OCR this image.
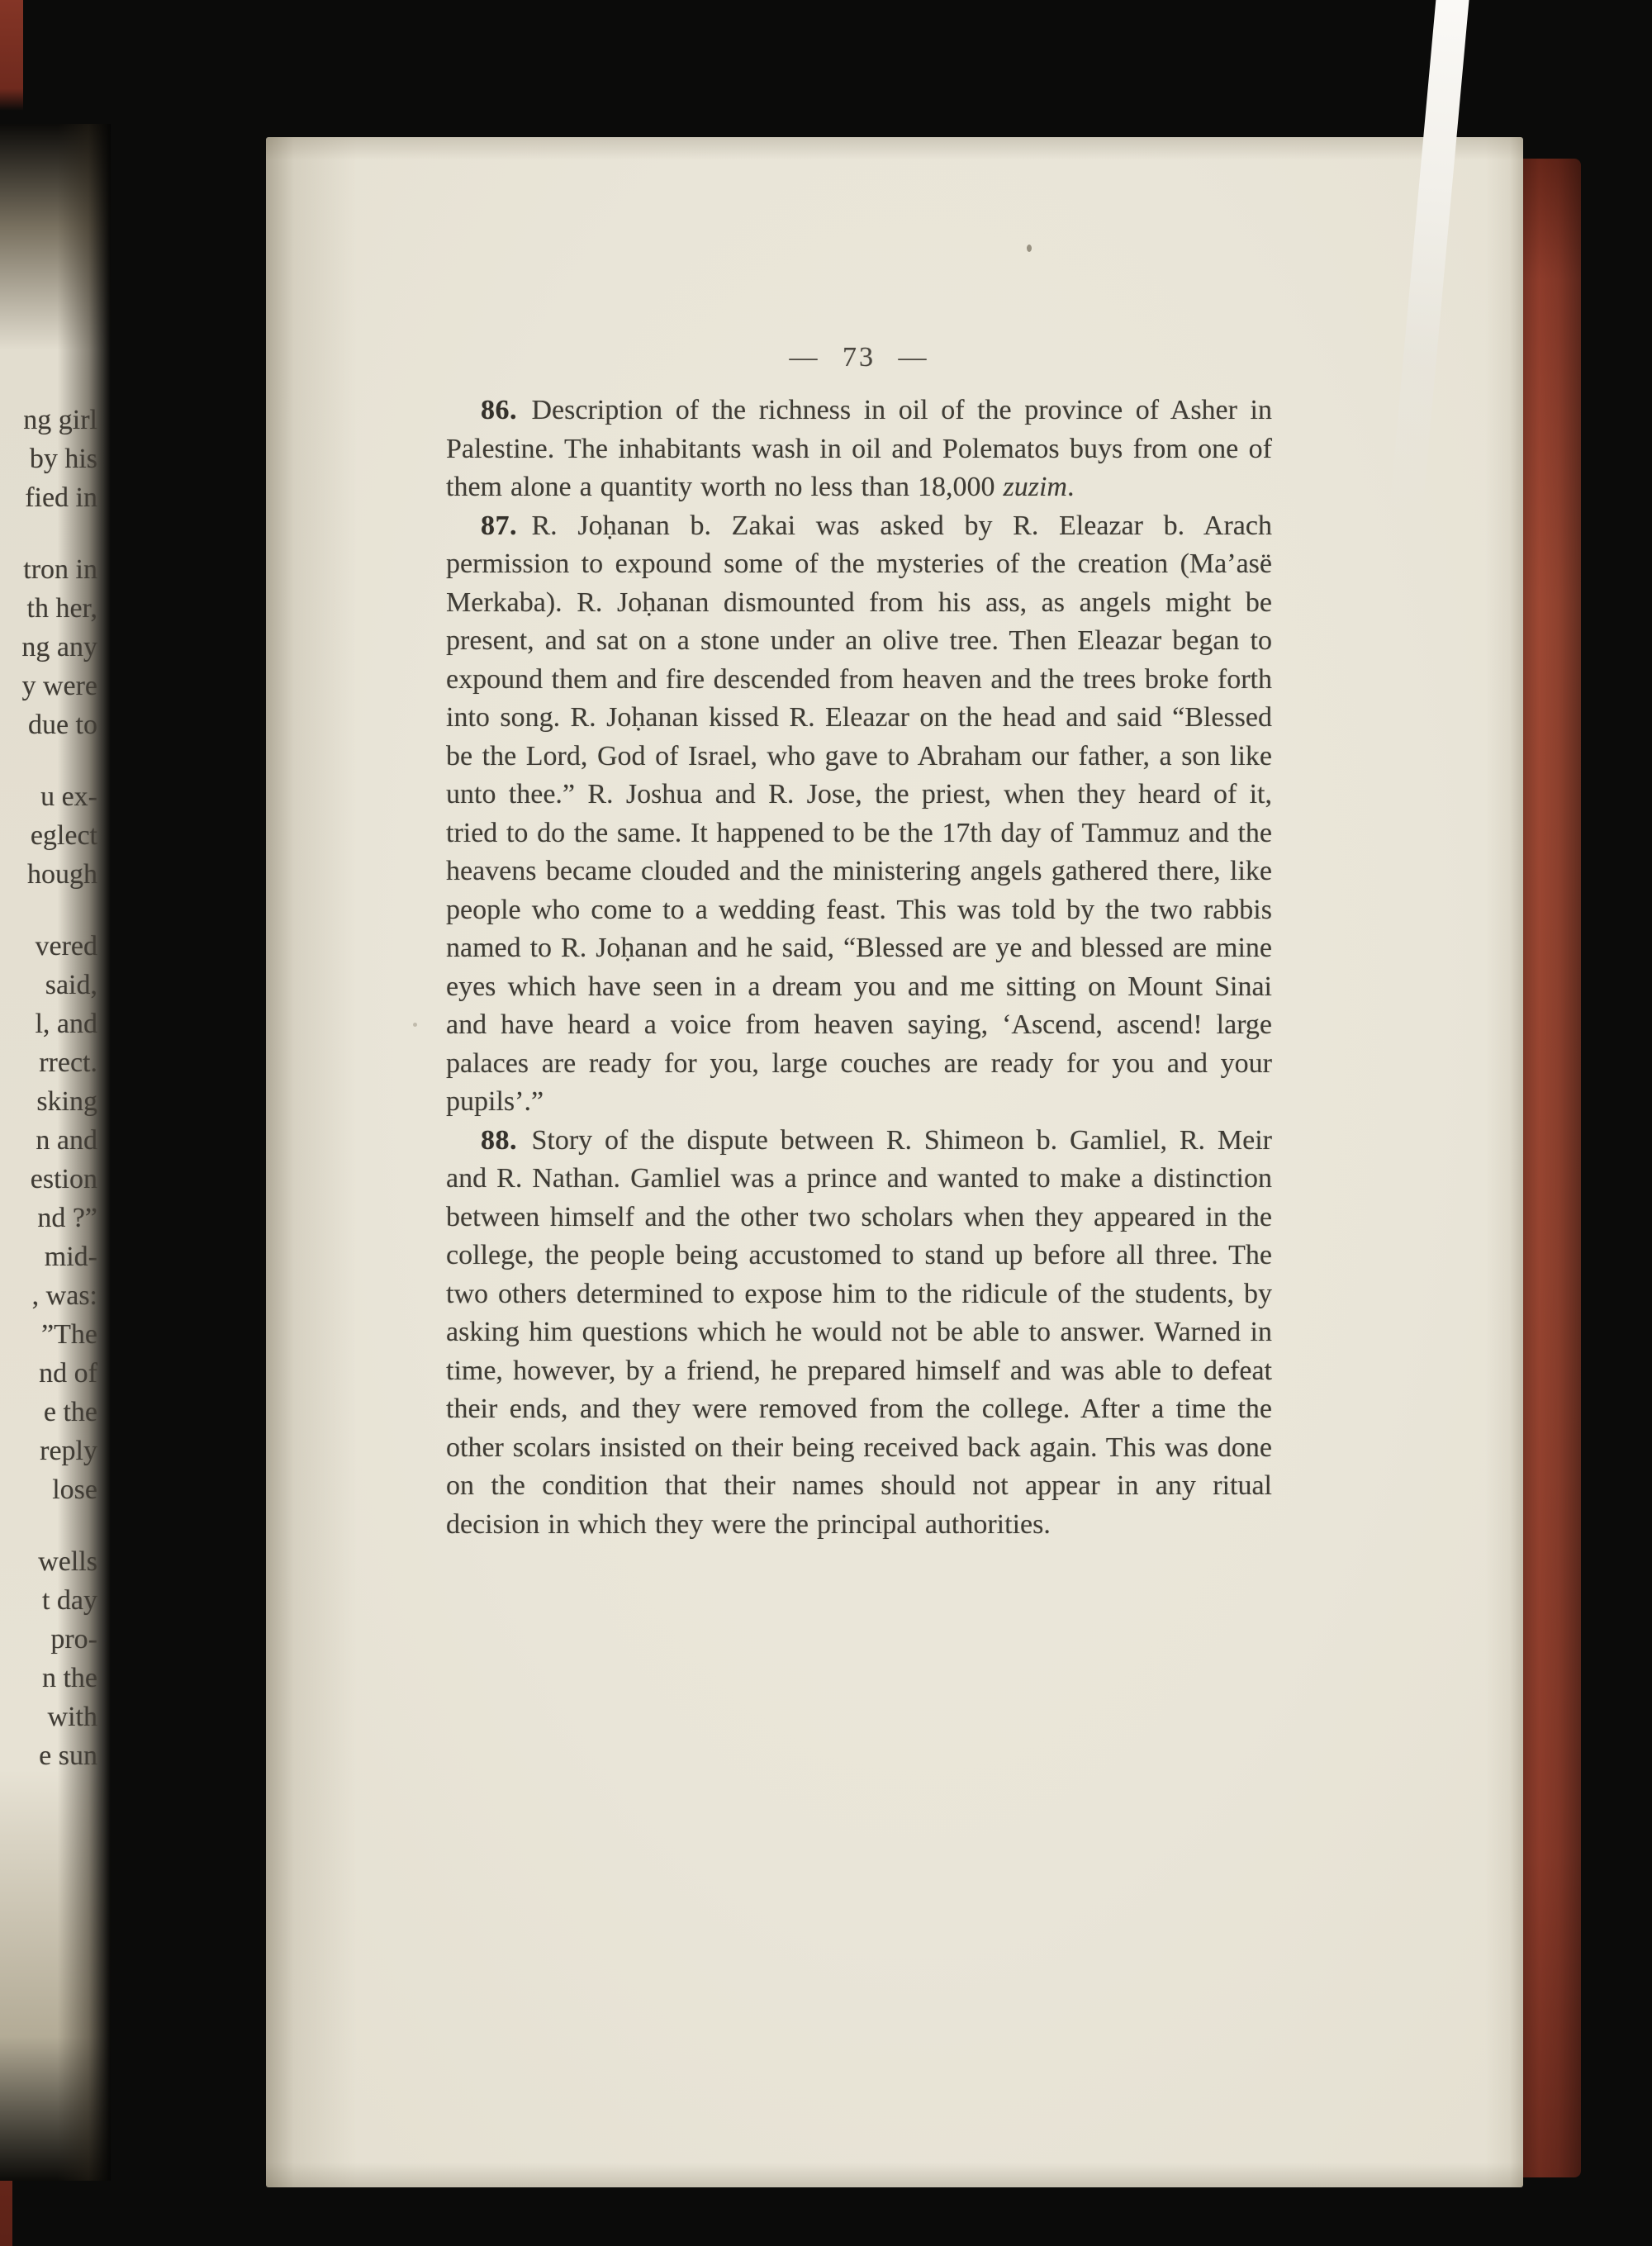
ng girl
by his
fied in
tron in
th her,
ng any
y were
due to
u ex-
eglect
hough
vered
said,
l, and
rrect.
sking
n and
estion
nd ?”
mid-
, was:
”The
nd of
e the
reply
lose
wells
t day
pro-
n the
with
e sun
— 73 —

86. Description of the richness in oil of the province of Asher in Palestine. The inhabitants wash in oil and Polematos buys from one of them alone a quantity worth no less than 18,000 zuzim.

87. R. Joḥanan b. Zakai was asked by R. Eleazar b. Arach permission to expound some of the mysteries of the creation (Ma’asë Merkaba). R. Joḥanan dismounted from his ass, as angels might be present, and sat on a stone under an olive tree. Then Eleazar began to expound them and fire descended from heaven and the trees broke forth into song. R. Joḥanan kissed R. Eleazar on the head and said “Blessed be the Lord, God of Israel, who gave to Abraham our father, a son like unto thee.” R. Joshua and R. Jose, the priest, when they heard of it, tried to do the same. It happened to be the 17th day of Tammuz and the heavens became clouded and the ministering angels gathered there, like people who come to a wedding feast. This was told by the two rabbis named to R. Joḥanan and he said, “Blessed are ye and blessed are mine eyes which have seen in a dream you and me sitting on Mount Sinai and have heard a voice from heaven saying, ‘Ascend, ascend! large palaces are ready for you, large couches are ready for you and your pupils’.”

88. Story of the dispute between R. Shimeon b. Gamliel, R. Meir and R. Nathan. Gamliel was a prince and wanted to make a distinction between himself and the other two scholars when they appeared in the college, the people being accustomed to stand up before all three. The two others determined to expose him to the ridicule of the students, by asking him questions which he would not be able to answer. Warned in time, however, by a friend, he prepared himself and was able to defeat their ends, and they were removed from the college. After a time the other scolars insisted on their being received back again. This was done on the condition that their names should not appear in any ritual decision in which they were the principal authorities.
